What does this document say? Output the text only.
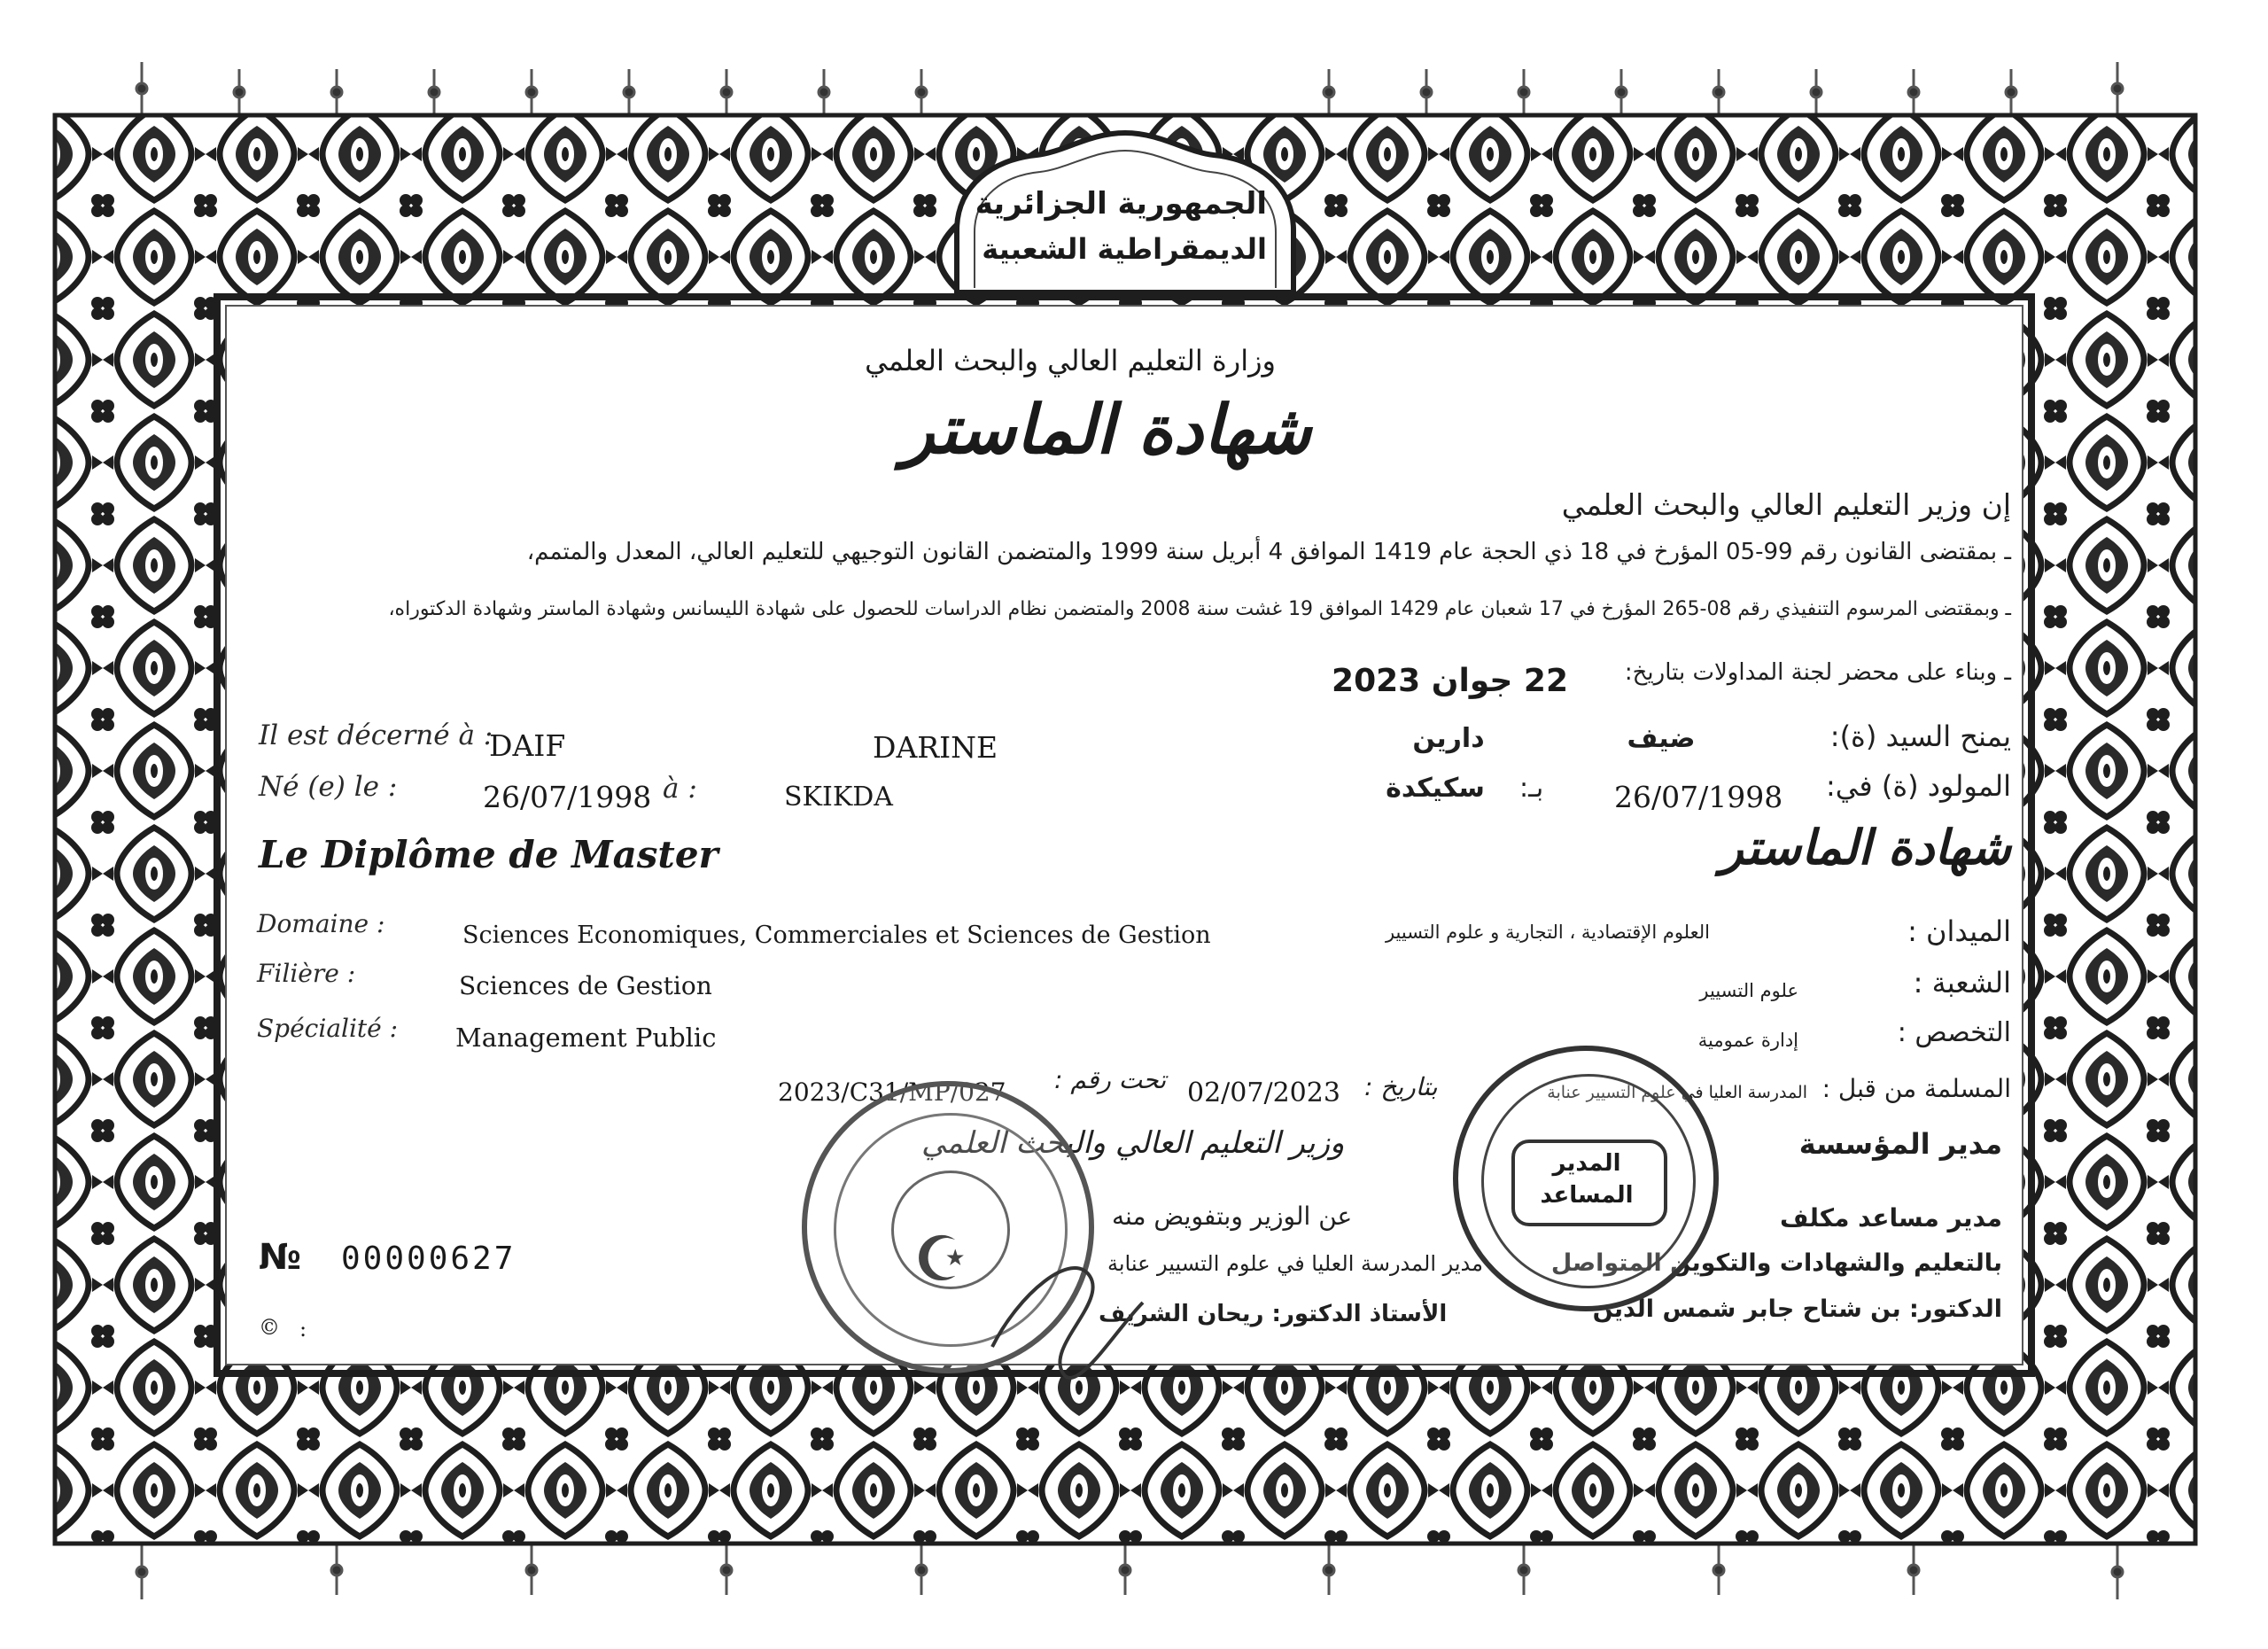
الجمهورية الجزائرية
الديمقراطية الشعبية
وزارة التعليم العالي والبحث العلمي
شهادة الماستر
إن وزير التعليم العالي والبحث العلمي
ـ بمقتضى القانون رقم 99-05 المؤرخ في 18 ذي الحجة عام 1419 الموافق 4 أبريل سنة 1999 والمتضمن القانون التوجيهي للتعليم العالي، المعدل والمتمم،
ـ وبمقتضى المرسوم التنفيذي رقم 08-265 المؤرخ في 17 شعبان عام 1429 الموافق 19 غشت سنة 2008 والمتضمن نظام الدراسات للحصول على شهادة الليسانس وشهادة الماستر وشهادة الدكتوراه،
ـ وبناء على محضر لجنة المداولات بتاريخ:
22 جوان 2023
Il est décerné à :
DAIF	DARINE	دارين	ضيف	يمنح السيد (ة):
Né (e) le :	26/07/1998 à :	SKIKDA	سكيكدة	بـ: 26/07/1998 المولود (ة) في:
Le Diplôme de Master	شهادة الماستر
Domaine :	Sciences Economiques, Commerciales et Sciences de Gestion	العلوم الإقتصادية ، التجارية و علوم التسيير	الميدان :
Filière :	Sciences de Gestion	علوم التسيير	الشعبة :
Spécialité : Management Public	إدارة عمومية	التخصص :
2023/C31/MP/027 تحت رقم : 02/07/2023 بتاريخ :	المدرسة العليا في علوم التسيير عنابة المسلمة من قبل :
وزير التعليم العالي والبحث العلمي	مدير المؤسسة
عن الوزير وبتفويض منه	مدير مساعد مكلف
مدير المدرسة العليا في علوم التسيير عنابة	بالتعليم والشهادات والتكوين المتواصل
الأستاذ الدكتور: ريحان الشريف	الدكتور: بن شتاح جابر شمس الدين
☪
المدير
المساعد
№ 00000627
© :
